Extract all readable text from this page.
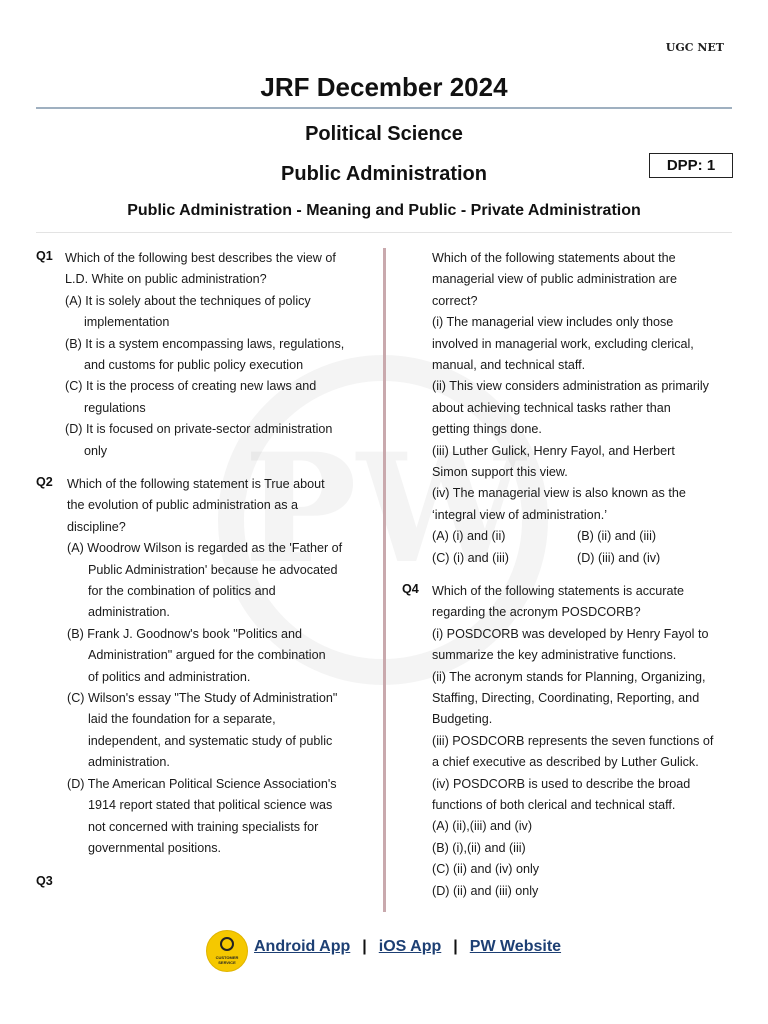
UGC NET
JRF December 2024
Political Science
Public Administration	DPP: 1
Public Administration - Meaning and Public - Private Administration
Q1 Which of the following best describes the view of
L.D. White on public administration?
(A) It is solely about the techniques of policy
implementation
(B) It is a system encompassing laws, regulations,
and customs for public policy execution
(C) It is the process of creating new laws and
regulations
(D) It is focused on private-sector administration
only
Q2 Which of the following statement is True about
the evolution of public administration as a
discipline?
(A) Woodrow Wilson is regarded as the 'Father of
Public Administration' because he advocated
for the combination of politics and
administration.
(B) Frank J. Goodnow's book "Politics and
Administration" argued for the combination
of politics and administration.
(C) Wilson's essay "The Study of Administration"
laid the foundation for a separate,
independent, and systematic study of public
administration.
(D) The American Political Science Association's
1914 report stated that political science was
not concerned with training specialists for
governmental positions.
Q3
Which of the following statements about the
managerial view of public administration are
correct?
(i) The managerial view includes only those
involved in managerial work, excluding clerical,
manual, and technical staff.
(ii) This view considers administration as primarily
about achieving technical tasks rather than
getting things done.
(iii) Luther Gulick, Henry Fayol, and Herbert
Simon support this view.
(iv) The managerial view is also known as the
‘integral view of administration.’
(A) (i) and (ii)	(B) (ii) and (iii)
(C) (i) and (iii)	(D) (iii) and (iv)
Q4 Which of the following statements is accurate
regarding the acronym POSDCORB?
(i) POSDCORB was developed by Henry Fayol to
summarize the key administrative functions.
(ii) The acronym stands for Planning, Organizing,
Staffing, Directing, Coordinating, Reporting, and
Budgeting.
(iii) POSDCORB represents the seven functions of
a chief executive as described by Luther Gulick.
(iv) POSDCORB is used to describe the broad
functions of both clerical and technical staff.
(A) (ii),(iii) and (iv)
(B) (i),(ii) and (iii)
(C) (ii) and (iv) only
(D) (ii) and (iii) only
CUSTOMER SERVICE
Android App | iOS App | PW Website
